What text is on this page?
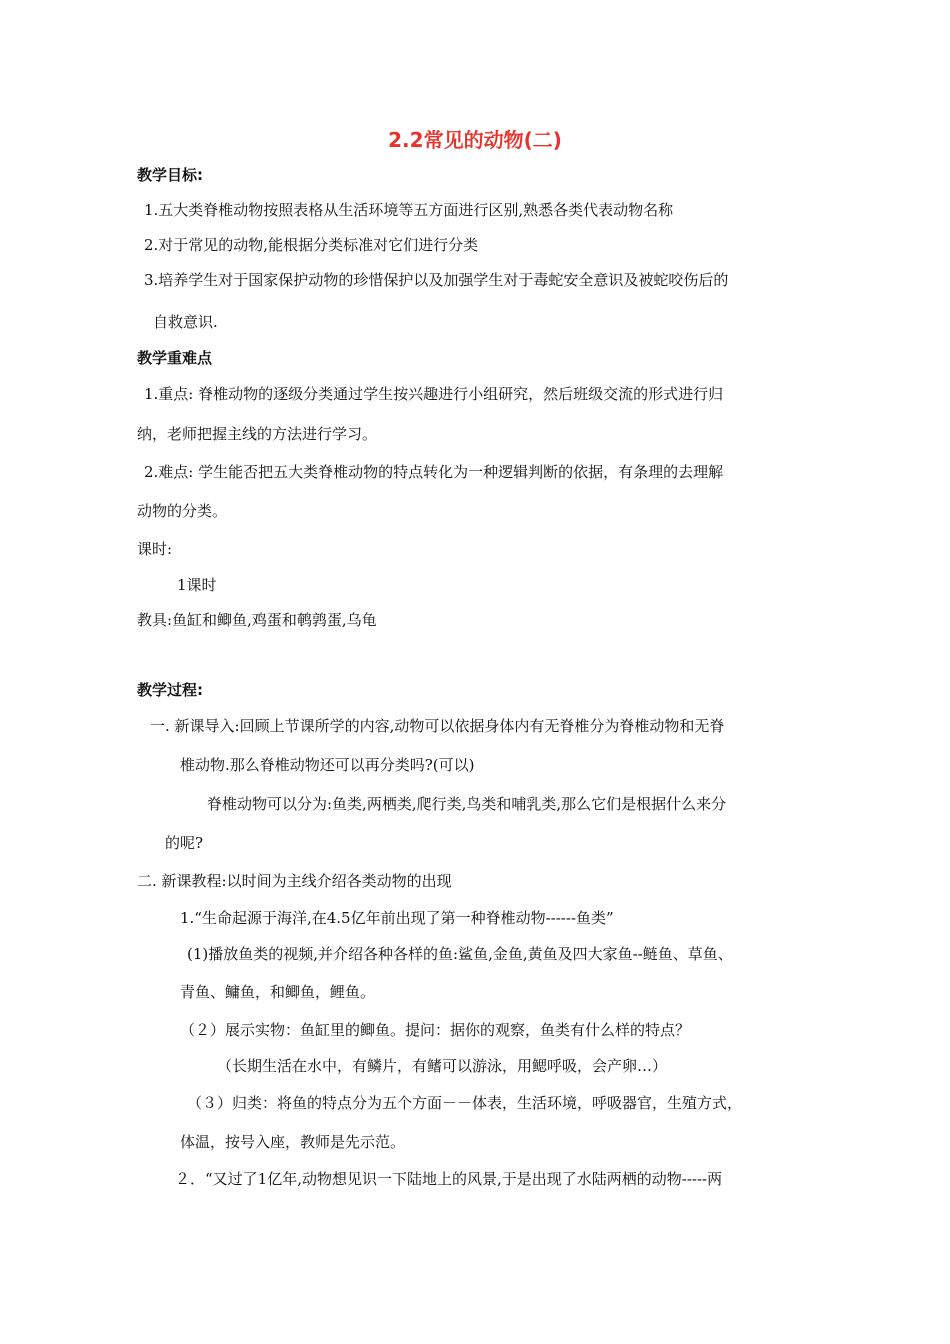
2.2常见的动物(二)
教学目标:
1.五大类脊椎动物按照表格从生活环境等五方面进行区别,熟悉各类代表动物名称
2.对于常见的动物,能根据分类标准对它们进行分类
3.培养学生对于国家保护动物的珍惜保护以及加强学生对于毒蛇安全意识及被蛇咬伤后的
自救意识.
教学重难点
1.重点: 脊椎动物的逐级分类通过学生按兴趣进行小组研究，然后班级交流的形式进行归
纳，老师把握主线的方法进行学习。
2.难点: 学生能否把五大类脊椎动物的特点转化为一种逻辑判断的依据，有条理的去理解
动物的分类。
课时:
1课时
教具:鱼缸和鲫鱼,鸡蛋和鹌鹑蛋,乌龟
教学过程:
一. 新课导入:回顾上节课所学的内容,动物可以依据身体内有无脊椎分为脊椎动物和无脊
椎动物.那么脊椎动物还可以再分类吗?(可以)
脊椎动物可以分为:鱼类,两栖类,爬行类,鸟类和哺乳类,那么它们是根据什么来分
的呢?
二. 新课教程:以时间为主线介绍各类动物的出现
1.“生命起源于海洋,在4.5亿年前出现了第一种脊椎动物------鱼类”
(1)播放鱼类的视频,并介绍各种各样的鱼:鲨鱼,金鱼,黄鱼及四大家鱼--鲢鱼、草鱼、
青鱼、鳙鱼，和鲫鱼，鲤鱼。
（２）展示实物：鱼缸里的鲫鱼。提问：据你的观察，鱼类有什么样的特点？
（长期生活在水中，有鳞片，有鳍可以游泳，用鳃呼吸，会产卵…）
（３）归类：将鱼的特点分为五个方面－－体表，生活环境，呼吸器官，生殖方式，
体温，按号入座，教师是先示范。
２．“又过了1亿年,动物想见识一下陆地上的风景,于是出现了水陆两栖的动物-----两
